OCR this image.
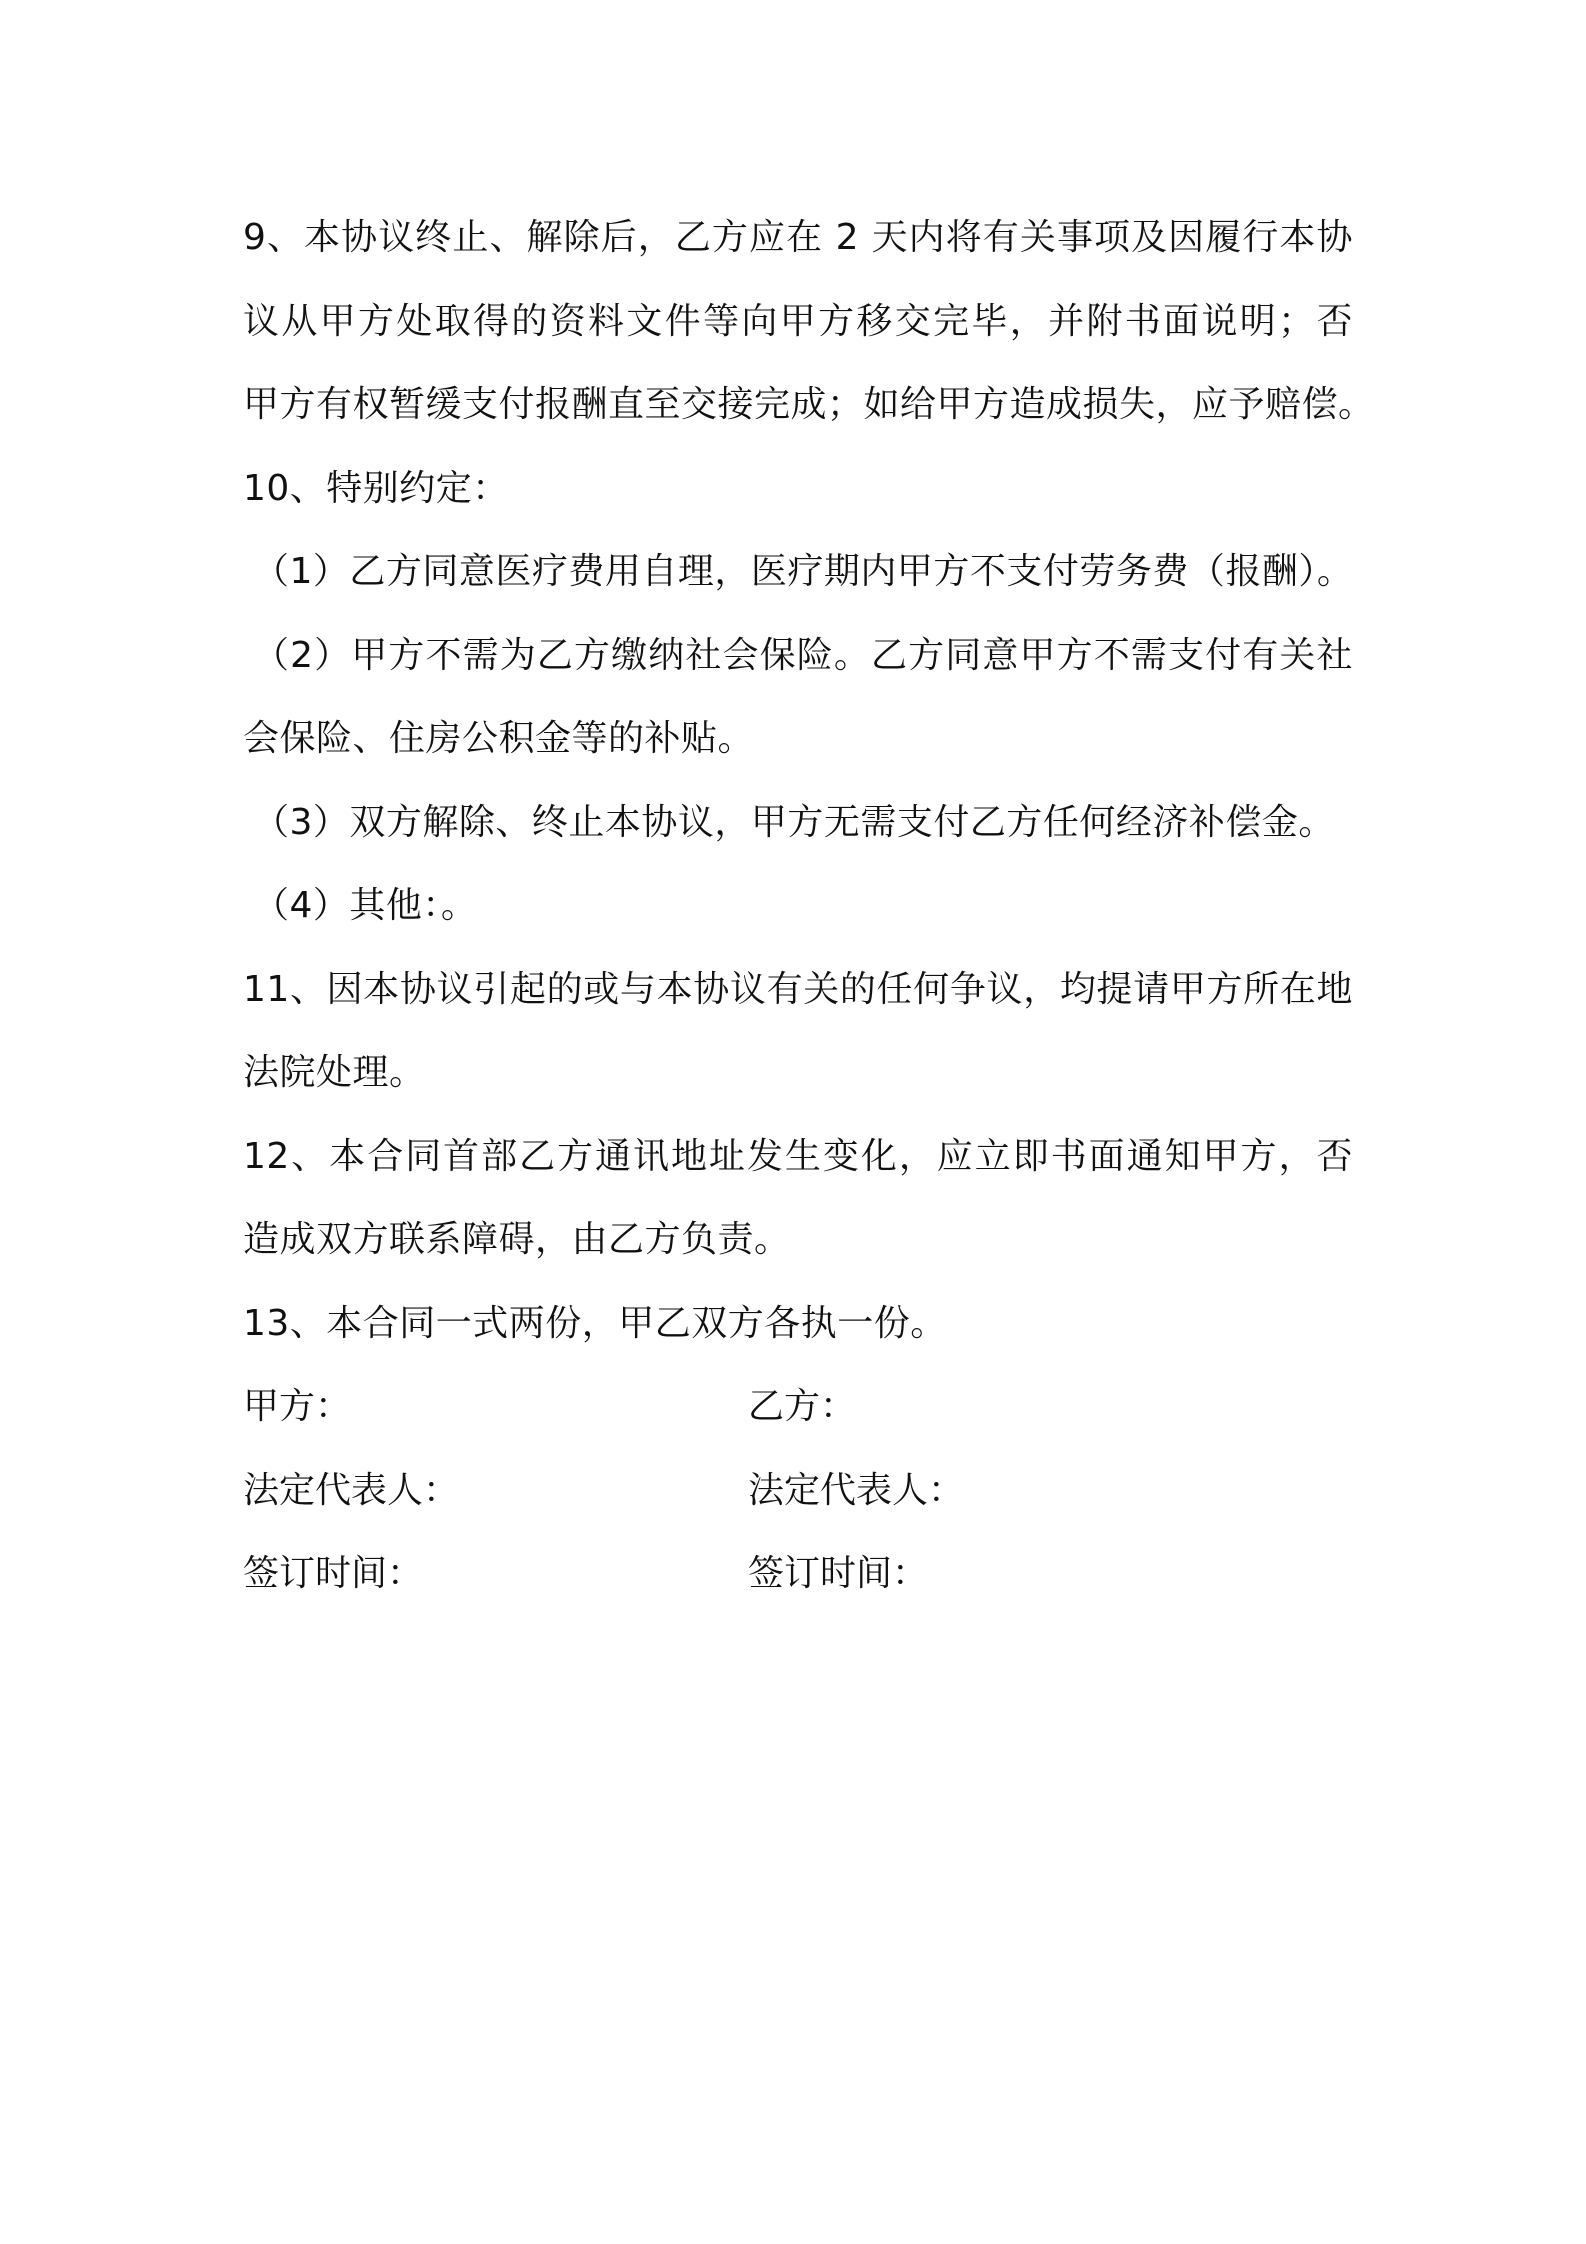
9、本协议终止、解除后，乙方应在 2 天内将有关事项及因履行本协
议从甲方处取得的资料文件等向甲方移交完毕，并附书面说明；否
甲方有权暂缓支付报酬直至交接完成；如给甲方造成损失，应予赔偿。
10、特别约定：
（1）乙方同意医疗费用自理，医疗期内甲方不支付劳务费（报酬）。
（2）甲方不需为乙方缴纳社会保险。乙方同意甲方不需支付有关社
会保险、住房公积金等的补贴。
（3）双方解除、终止本协议，甲方无需支付乙方任何经济补偿金。
（4）其他：。
11、因本协议引起的或与本协议有关的任何争议，均提请甲方所在地
法院处理。
12、本合同首部乙方通讯地址发生变化，应立即书面通知甲方，否
造成双方联系障碍，由乙方负责。
13、本合同一式两份，甲乙双方各执一份。
甲方：	乙方：
法定代表人：	法定代表人：
签订时间：	签订时间：
